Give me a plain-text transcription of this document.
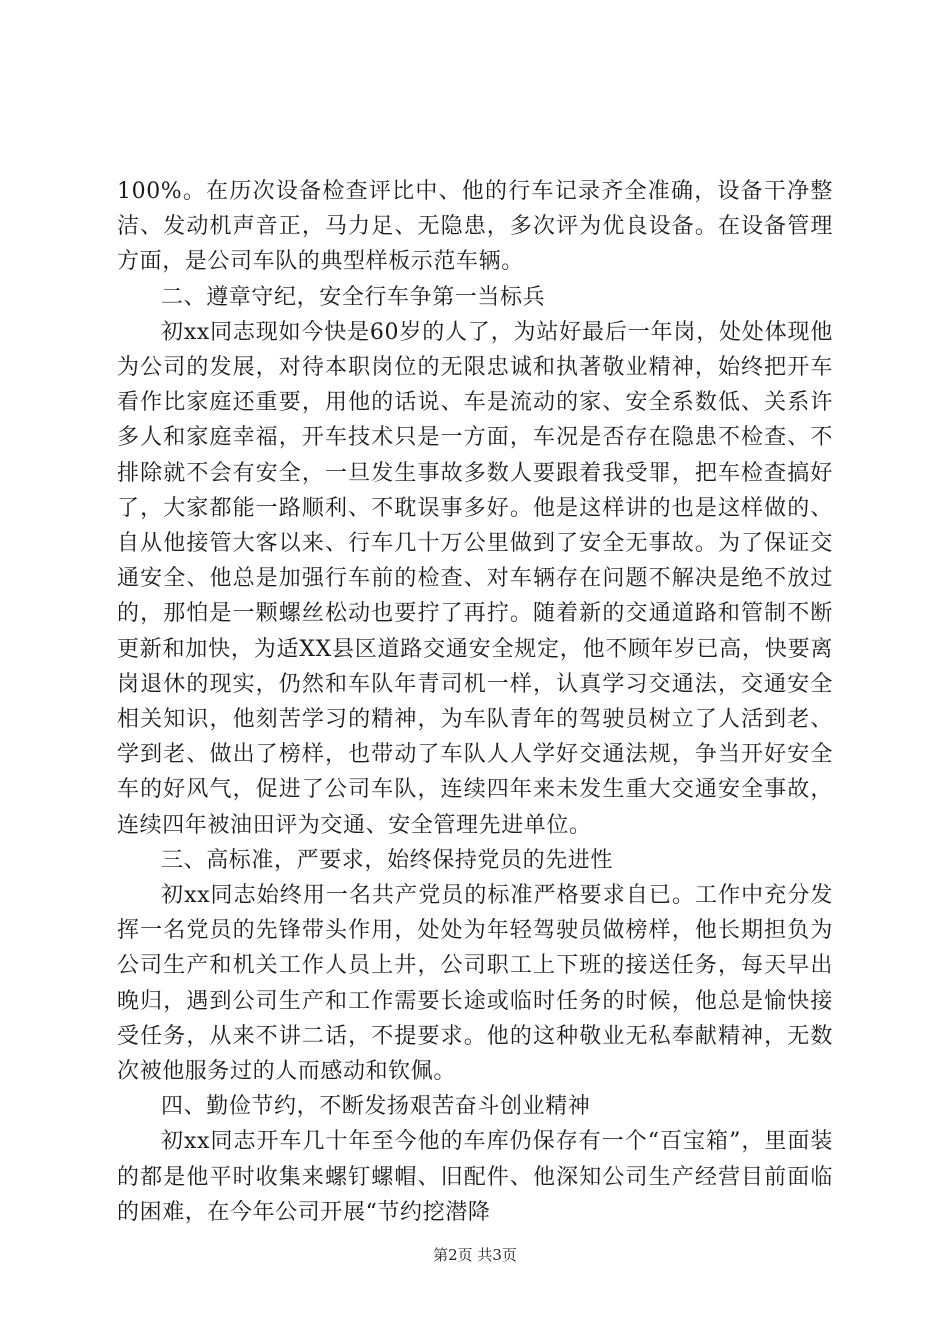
100%。在历次设备检查评比中、他的行车记录齐全准确，设备干净整洁、发动机声音正，马力足、无隐患，多次评为优良设备。在设备管理方面，是公司车队的典型样板示范车辆。

二、遵章守纪，安全行车争第一当标兵

初xx同志现如今快是60岁的人了，为站好最后一年岗，处处体现他为公司的发展，对待本职岗位的无限忠诚和执著敬业精神，始终把开车看作比家庭还重要，用他的话说、车是流动的家、安全系数低、关系许多人和家庭幸福，开车技术只是一方面，车况是否存在隐患不检查、不排除就不会有安全，一旦发生事故多数人要跟着我受罪，把车检查搞好了，大家都能一路顺利、不耽误事多好。他是这样讲的也是这样做的、自从他接管大客以来、行车几十万公里做到了安全无事故。为了保证交通安全、他总是加强行车前的检查、对车辆存在问题不解决是绝不放过的，那怕是一颗螺丝松动也要拧了再拧。随着新的交通道路和管制不断更新和加快，为适XX县区道路交通安全规定，他不顾年岁已高，快要离岗退休的现实，仍然和车队年青司机一样，认真学习交通法，交通安全相关知识，他刻苦学习的精神，为车队青年的驾驶员树立了人活到老、学到老、做出了榜样，也带动了车队人人学好交通法规，争当开好安全车的好风气，促进了公司车队，连续四年来未发生重大交通安全事故，连续四年被油田评为交通、安全管理先进单位。

三、高标准，严要求，始终保持党员的先进性

初xx同志始终用一名共产党员的标准严格要求自已。工作中充分发挥一名党员的先锋带头作用，处处为年轻驾驶员做榜样，他长期担负为公司生产和机关工作人员上井，公司职工上下班的接送任务，每天早出晚归，遇到公司生产和工作需要长途或临时任务的时候，他总是愉快接受任务，从来不讲二话，不提要求。他的这种敬业无私奉献精神，无数次被他服务过的人而感动和钦佩。

四、勤俭节约，不断发扬艰苦奋斗创业精神

初xx同志开车几十年至今他的车库仍保存有一个“百宝箱”，里面装的都是他平时收集来螺钉螺帽、旧配件、他深知公司生产经营目前面临的困难，在今年公司开展“节约挖潜降

第2页 共3页
